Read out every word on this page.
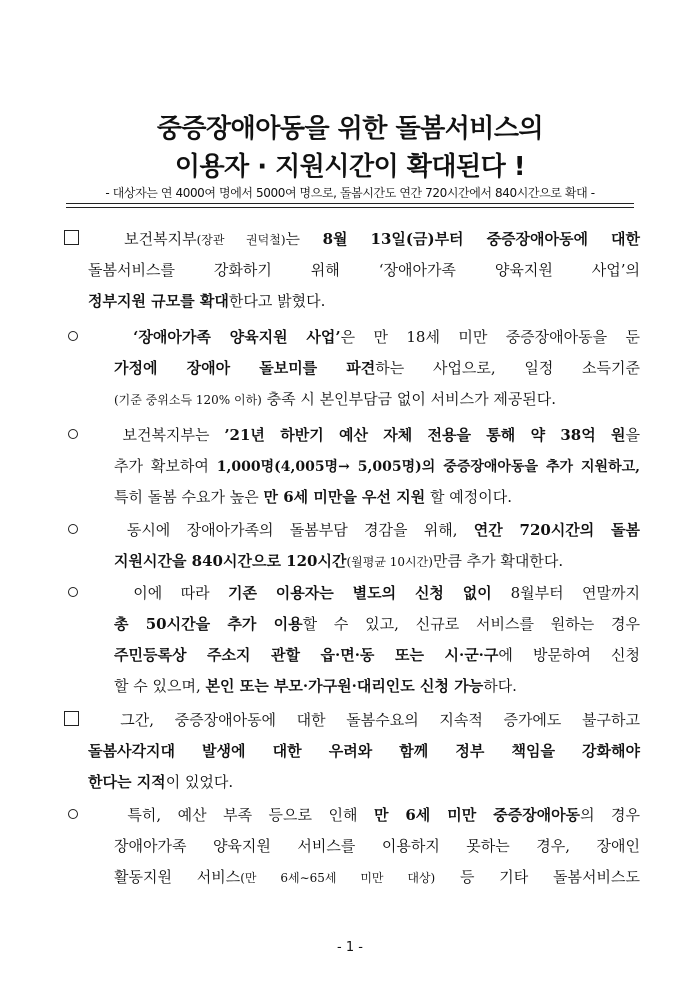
중증장애아동을 위한 돌봄서비스의
이용자 · 지원시간이 확대된다 !
- 대상자는 연 4000여 명에서 5000여 명으로, 돌봄시간도 연간 720시간에서 840시간으로 확대 -
보건복지부(장관 권덕철)는 8월 13일(금)부터 중증장애아동에 대한
돌봄서비스를 강화하기 위해 ‘장애아가족 양육지원 사업’의
정부지원 규모를 확대한다고 밝혔다.
‘장애아가족 양육지원 사업’은 만 18세 미만 중증장애아동을 둔
가정에 장애아 돌보미를 파견하는 사업으로, 일정 소득기준
(기준 중위소득 120% 이하) 충족 시 본인부담금 없이 서비스가 제공된다.
보건복지부는 ’21년 하반기 예산 자체 전용을 통해 약 38억 원을
추가 확보하여 1,000명(4,005명→ 5,005명)의 중증장애아동을 추가 지원하고,
특히 돌봄 수요가 높은 만 6세 미만을 우선 지원 할 예정이다.
동시에 장애아가족의 돌봄부담 경감을 위해, 연간 720시간의 돌봄
지원시간을 840시간으로 120시간(월평균 10시간)만큼 추가 확대한다.
이에 따라 기존 이용자는 별도의 신청 없이 8월부터 연말까지
총 50시간을 추가 이용할 수 있고, 신규로 서비스를 원하는 경우
주민등록상 주소지 관할 읍·면·동 또는 시·군·구에 방문하여 신청
할 수 있으며, 본인 또는 부모·가구원·대리인도 신청 가능하다.
그간, 중증장애아동에 대한 돌봄수요의 지속적 증가에도 불구하고
돌봄사각지대 발생에 대한 우려와 함께 정부 책임을 강화해야
한다는 지적이 있었다.
특히, 예산 부족 등으로 인해 만 6세 미만 중증장애아동의 경우
장애아가족 양육지원 서비스를 이용하지 못하는 경우, 장애인
활동지원 서비스(만 6세∼65세 미만 대상) 등 기타 돌봄서비스도
- 1 -
